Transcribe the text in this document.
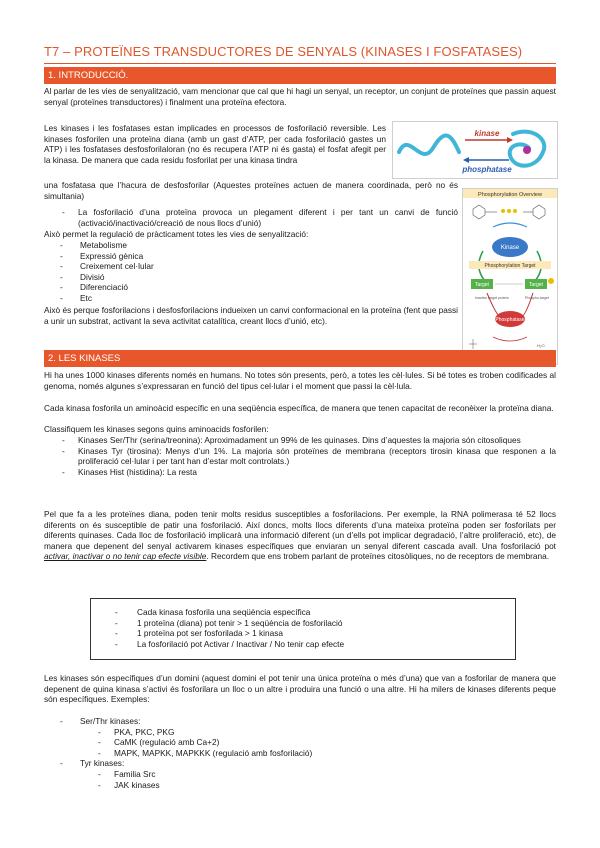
T7 – PROTEÏNES TRANSDUCTORES DE SENYALS (KINASES I FOSFATASES)
1. INTRODUCCIÓ.

Al parlar de les vies de senyalització, vam mencionar que cal que hi hagi un senyal, un receptor, un conjunt de proteïnes que passin aquest senyal (proteïnes transductores) i finalment una proteïna efectora.

Les kinases i les fosfatases estan implicades en processos de fosforilació reversible. Les kinases fosforilen una proteïna diana (amb un gast d’ATP, per cada fosforilació gastes un ATP) i les fosfatases desfosforilaloran (no és recupera l’ATP ni és gasta) el fosfat afegit per la kinasa. De manera que cada residu fosforilat per una kinasa tindra

kinase
phosphatase

una fosfatasa que l’hacura de desfosforilar (Aquestes proteïnes actuen de manera coordinada, però no és simultania)

- La fosforilació d’una proteïna provoca un plegament diferent i per tant un canvi de funció (activació/inactivació/creació de nous llocs d’unió)

Això permet la regulació de pràcticament totes les vies de senyalització:

- Metabolisme
- Expressió gènica
- Creixement cel·lular
- Divisió
- Diferenciació
- Etc

Això és perque fosforilacions i desfosforilacions indueixen un canvi conformacional en la proteïna (fent que passi a unir un substrat, activant la seva activitat catalítica, creant llocs d’unió, etc).

Phosphorylation Overview
Kinase
Phosphorylation Target
Target	Target
Inactive target protein	Phospho-target
Phosphatase
H₂O
2. LES KINASES

Hi ha unes 1000 kinases diferents només en humans. No totes són presents, però, a totes les cèl·lules. Si bé totes es troben codificades al genoma, només algunes s’expressaran en funció del tipus cel·lular i el moment que passi la cèl·lula.

Cada kinasa fosforila un aminoàcid específic en una seqüència específica, de manera que tenen capacitat de reconèixer la proteïna diana.

Classifiquem les kinases segons quins aminoacids fosforilen:

- Kinases Ser/Thr (serina/treonina): Aproximadament un 99% de les quinases. Dins d’aquestes la majoria són citosoliques
- Kinases Tyr (tirosina): Menys d’un 1%. La majoria són proteïnes de membrana (receptors tirosin kinasa que responen a la proliferació cel·lular i per tant han d’estar molt controlats.)
- Kinases Hist (histidina): La resta

Pel que fa a les proteïnes diana, poden tenir molts residus susceptibles a fosforilacions. Per exemple, la RNA polimerasa té 52 llocs diferents on és susceptible de patir una fosforilació. Així doncs, molts llocs diferents d’una mateixa proteïna poden ser fosforilats per diferents quinases. Cada lloc de fosforilació implicarà una informació diferent (un d’ells pot implicar degradació, l’altre proliferació, etc), de manera que depenent del senyal activarem kinases específiques que enviaran un senyal diferent cascada avall. Una fosforilació pot activar, inactivar o no tenir cap efecte visible. Recordem que ens trobem parlant de proteïnes citosòliques, no de receptors de membrana.

- Cada kinasa fosforila una seqüència específica
- 1 proteïna (diana) pot tenir > 1 seqüència de fosforilació
- 1 proteïna pot ser fosforilada > 1 kinasa
- La fosforilació pot Activar / Inactivar / No tenir cap efecte

Les kinases són específiques d’un domini (aquest domini el pot tenir una única proteïna o més d’una) que van a fosforilar de manera que depenent de quina kinasa s’activi és fosforilara un lloc o un altre i produira una funció o una altre. Hi ha milers de kinases diferents peque són específiques. Exemples:

- Ser/Thr kinases:
- PKA, PKC, PKG
- CaMK (regulació amb Ca+2)
- MAPK, MAPKK, MAPKKK (regulació amb fosforilació)
- Tyr kinases:
- Familia Src
- JAK kinases
